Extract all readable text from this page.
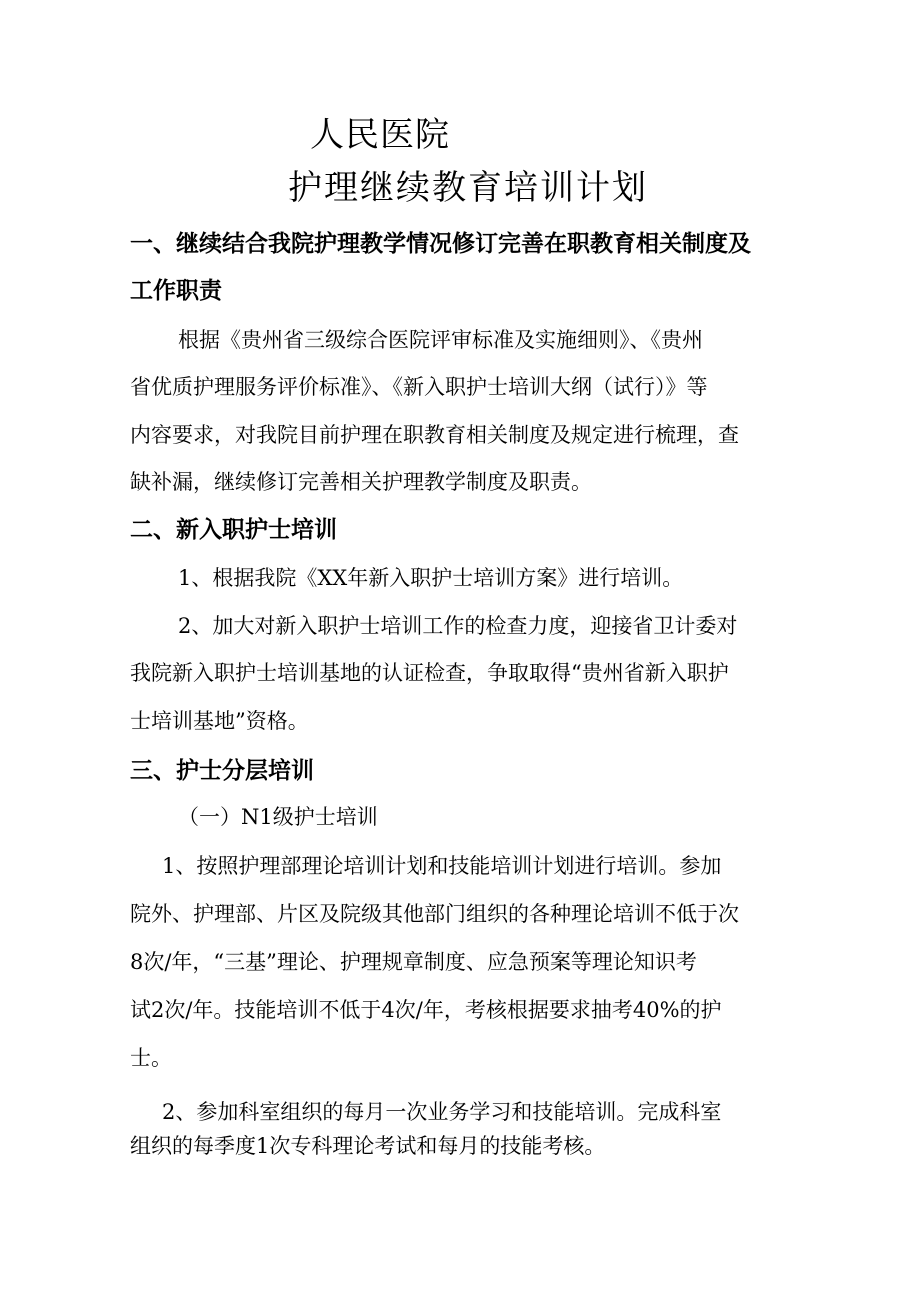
人民医院
护理继续教育培训计划
一、继续结合我院护理教学情况修订完善在职教育相关制度及
工作职责
根据《贵州省三级综合医院评审标准及实施细则》、《贵州
省优质护理服务评价标准》、《新入职护士培训大纲（试行）》等
内容要求，对我院目前护理在职教育相关制度及规定进行梳理，查
缺补漏，继续修订完善相关护理教学制度及职责。
二、新入职护士培训
1、根据我院《XX年新入职护士培训方案》进行培训。
2、加大对新入职护士培训工作的检查力度，迎接省卫计委对
我院新入职护士培训基地的认证检查，争取取得“贵州省新入职护
士培训基地”资格。
三、护士分层培训
（一）N1级护士培训
1、按照护理部理论培训计划和技能培训计划进行培训。参加
院外、护理部、片区及院级其他部门组织的各种理论培训不低于次
8次/年，“三基”理论、护理规章制度、应急预案等理论知识考
试2次/年。技能培训不低于4次/年，考核根据要求抽考40%的护
士。
2、参加科室组织的每月一次业务学习和技能培训。完成科室
组织的每季度1次专科理论考试和每月的技能考核。
